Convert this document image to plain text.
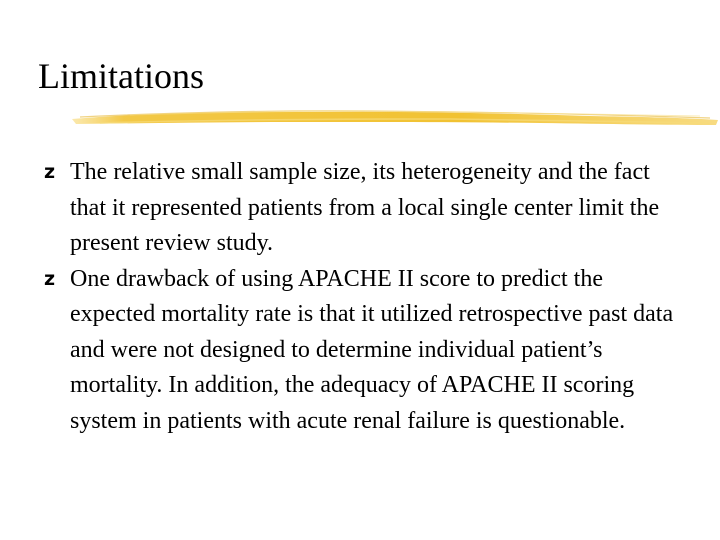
Limitations
z The relative small sample size, its heterogeneity and the fact that it represented patients from a local single center limit the present review study.
z One drawback of using APACHE II score to predict the expected mortality rate is that it utilized retrospective past data and were not designed to determine individual patient’s mortality. In addition, the adequacy of APACHE II scoring system in patients with acute renal failure is questionable.
